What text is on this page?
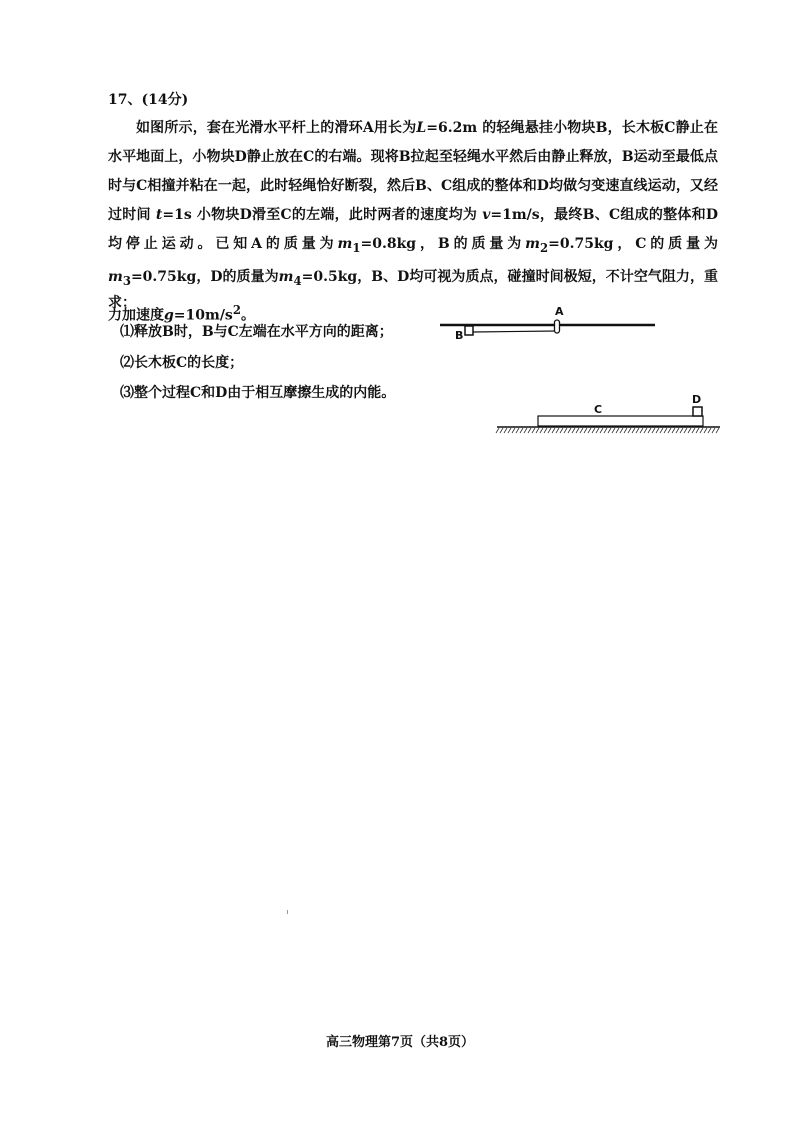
17、(14分)
如图所示，套在光滑水平杆上的滑环A用长为L=6.2m 的轻绳悬挂小物块B，长木板C静止在水平地面上，小物块D静止放在C的右端。现将B拉起至轻绳水平然后由静止释放，B运动至最低点时与C相撞并粘在一起，此时轻绳恰好断裂，然后B、C组成的整体和D均做匀变速直线运动，又经过时间 t=1s 小物块D滑至C的左端，此时两者的速度均为 v=1m/s，最终B、C组成的整体和D均停止运动。已知A的质量为$m_1=0.8kg$，B的质量为$m_2=0.75kg$，C的质量为$m_3=0.75kg$，D的质量为$m_4=0.5kg$，B、D均可视为质点，碰撞时间极短，不计空气阻力，重力加速度$g=10m/s^2$。
求：
⑴释放B时，B与C左端在水平方向的距离；
⑵长木板C的长度；
⑶整个过程C和D由于相互摩擦生成的内能。
A
B
C
D
高三物理第7页（共8页）
